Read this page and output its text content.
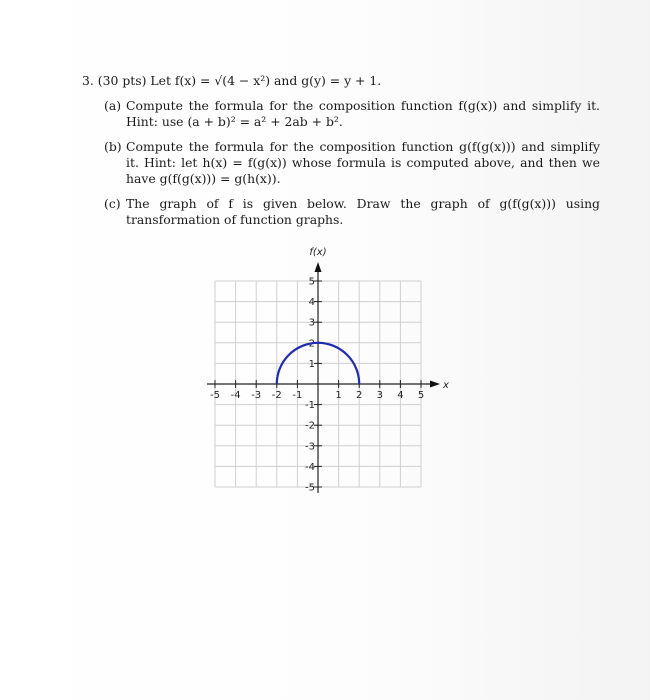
3. (30 pts) Let f(x) = √(4 − x²) and g(y) = y + 1.
(a) Compute the formula for the composition function f(g(x)) and simplify it. Hint: use (a + b)² = a² + 2ab + b².
(b) Compute the formula for the composition function g(f(g(x))) and simplify it. Hint: let h(x) = f(g(x)) whose formula is computed above, and then we have g(f(g(x))) = g(h(x)).
(c) The graph of f is given below. Draw the graph of g(f(g(x))) using transformation of function graphs.
f(x)
x
-5 -4 -3 -2 -1	1 2 3 4 5
5
4
3
2
1
-1
-2
-3
-4
-5
